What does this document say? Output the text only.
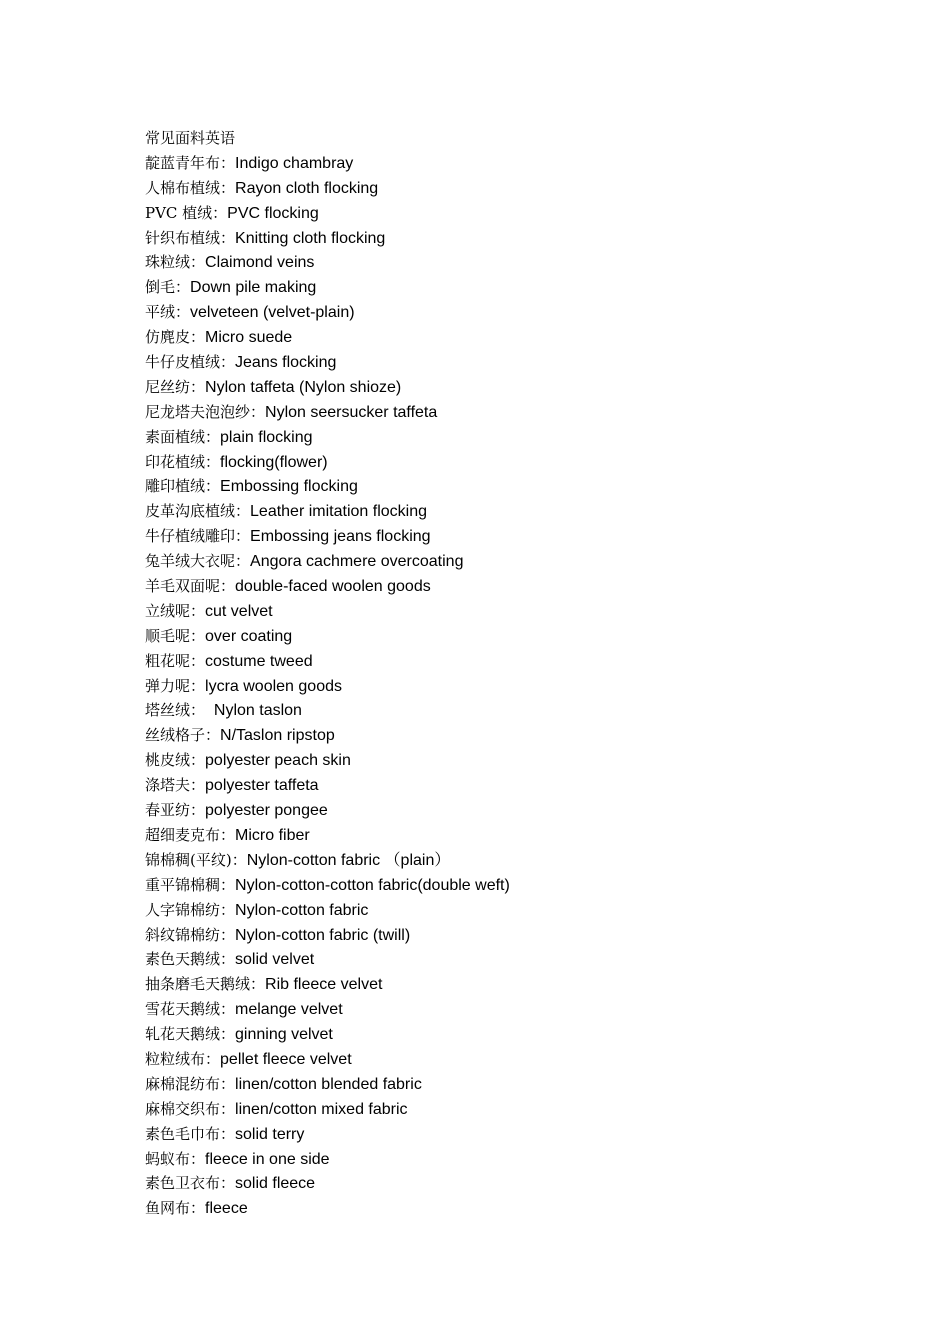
常见面料英语
靛蓝青年布：Indigo chambray
人棉布植绒：Rayon cloth flocking
PVC 植绒：PVC flocking
针织布植绒：Knitting cloth flocking
珠粒绒：Claimond veins
倒毛：Down pile making
平绒：velveteen (velvet-plain)
仿麂皮：Micro suede
牛仔皮植绒：Jeans flocking
尼丝纺：Nylon taffeta (Nylon shioze)
尼龙塔夫泡泡纱：Nylon seersucker taffeta
素面植绒：plain flocking
印花植绒：flocking(flower)
雕印植绒：Embossing flocking
皮革沟底植绒：Leather imitation flocking
牛仔植绒雕印：Embossing jeans flocking
兔羊绒大衣呢：Angora cachmere overcoating
羊毛双面呢：double-faced woolen goods
立绒呢：cut velvet
顺毛呢：over coating
粗花呢：costume tweed
弹力呢：lycra woolen goods
塔丝绒：  Nylon taslon
丝绒格子：N/Taslon ripstop
桃皮绒：polyester peach skin
涤塔夫：polyester taffeta
春亚纺：polyester pongee
超细麦克布：Micro fiber
锦棉稠(平纹)：Nylon-cotton fabric （plain）
重平锦棉稠：Nylon-cotton-cotton fabric(double weft)
人字锦棉纺：Nylon-cotton fabric
斜纹锦棉纺：Nylon-cotton fabric (twill)
素色天鹅绒：solid velvet
抽条磨毛天鹅绒：Rib fleece velvet
雪花天鹅绒：melange velvet
轧花天鹅绒：ginning velvet
粒粒绒布：pellet fleece velvet
麻棉混纺布：linen/cotton blended fabric
麻棉交织布：linen/cotton mixed fabric
素色毛巾布：solid terry
蚂蚁布：fleece in one side
素色卫衣布：solid fleece
鱼网布：fleece
